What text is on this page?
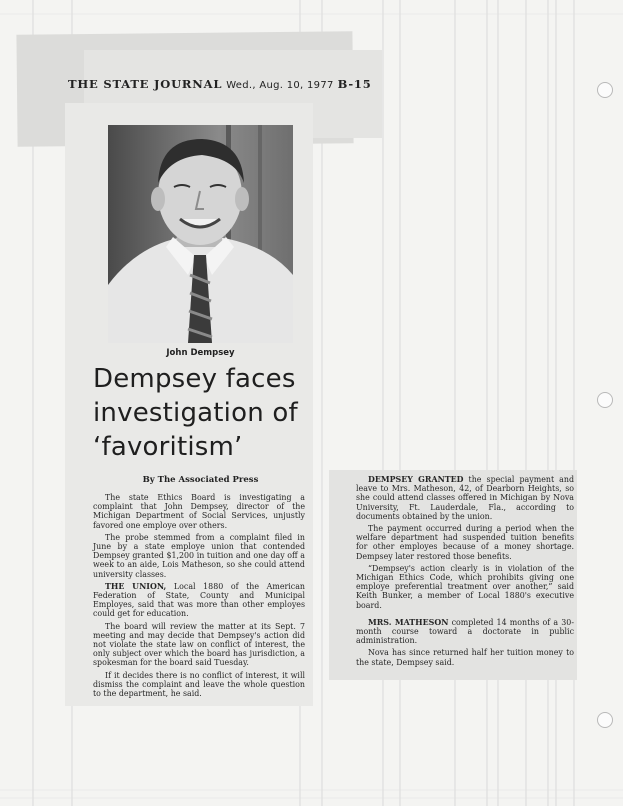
THE STATE JOURNAL Wed., Aug. 10, 1977 B-15
John Dempsey
Dempsey faces investigation of ‘favoritism’
By The Associated Press

The state Ethics Board is investigating a complaint that John Dempsey, director of the Michigan Department of Social Services, unjustly favored one employe over others.

The probe stemmed from a complaint filed in June by a state employe union that contended Dempsey granted $1,200 in tuition and one day off a week to an aide, Lois Matheson, so she could attend university classes.

THE UNION, Local 1880 of the American Federation of State, County and Municipal Employes, said that was more than other employes could get for education.

The board will review the matter at its Sept. 7 meeting and may decide that Dempsey's action did not violate the state law on conflict of interest, the only subject over which the board has jurisdiction, a spokesman for the board said Tuesday.

If it decides there is no conflict of interest, it will dismiss the complaint and leave the whole question to the department, he said.

DEMPSEY GRANTED the special payment and leave to Mrs. Matheson, 42, of Dearborn Heights, so she could attend classes offered in Michigan by Nova University, Ft. Lauderdale, Fla., according to documents obtained by the union.

The payment occurred during a period when the welfare department had suspended tuition benefits for other employes because of a money shortage. Dempsey later restored those benefits.

“Dempsey's action clearly is in violation of the Michigan Ethics Code, which prohibits giving one employe preferential treatment over another,” said Keith Bunker, a member of Local 1880's executive board.

MRS. MATHESON completed 14 months of a 30-month course toward a doctorate in public administration.

Nova has since returned half her tuition money to the state, Dempsey said.
